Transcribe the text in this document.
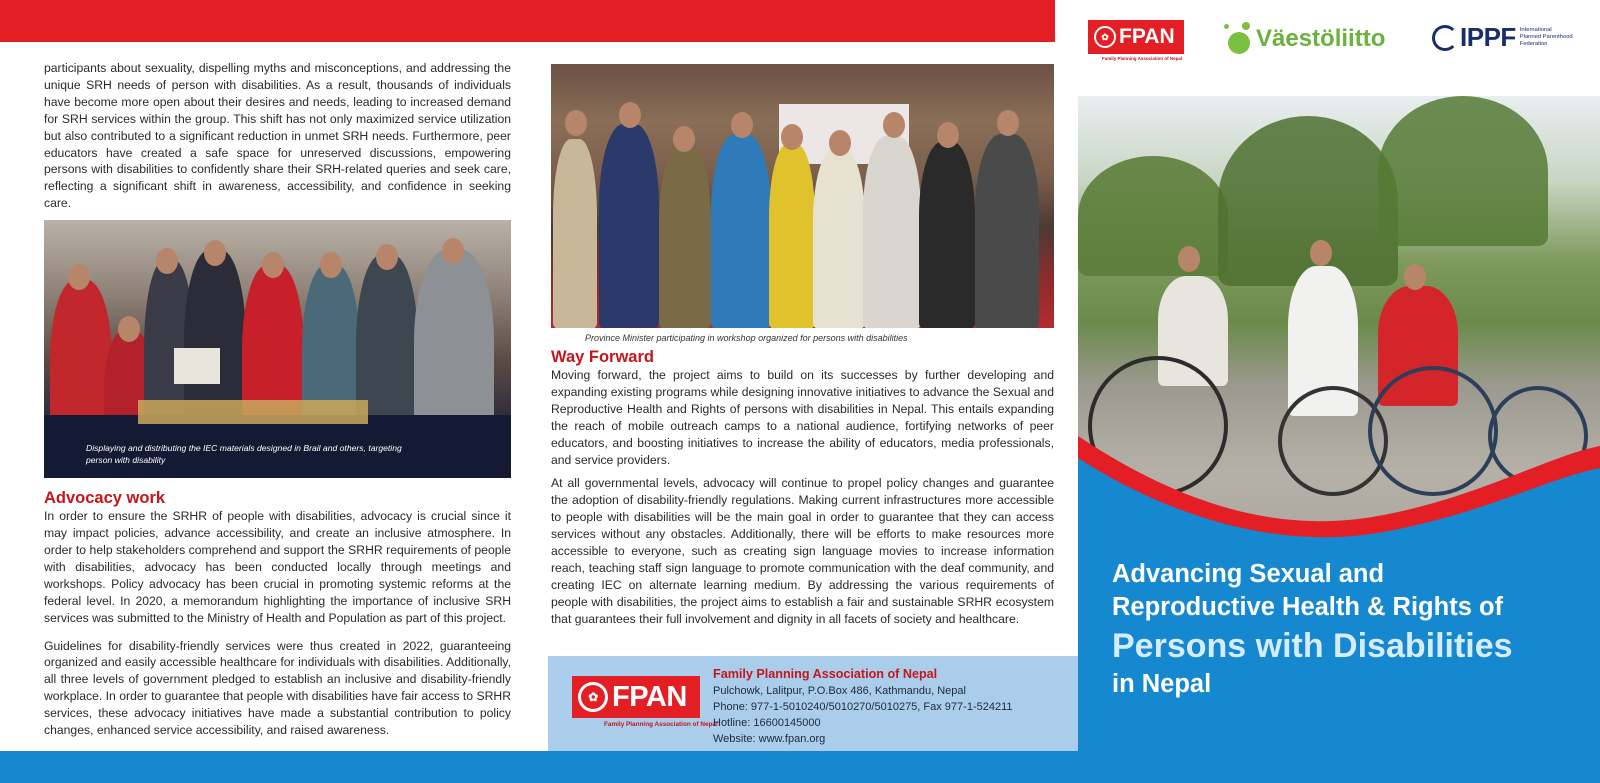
participants about sexuality, dispelling myths and misconceptions, and addressing the unique SRH needs of person with disabilities. As a result, thousands of individuals have become more open about their desires and needs, leading to increased demand for SRH services within the group. This shift has not only maximized service utilization but also contributed to a significant reduction in unmet SRH needs. Furthermore, peer educators have created a safe space for unreserved discussions, empowering persons with disabilities to confidently share their SRH-related queries and seek care, reflecting a significant shift in awareness, accessibility, and confidence in seeking care.

Displaying and distributing the IEC materials designed in Brail and others, targeting person with disability
Advocacy work

In order to ensure the SRHR of people with disabilities, advocacy is crucial since it may impact policies, advance accessibility, and create an inclusive atmosphere. In order to help stakeholders comprehend and support the SRHR requirements of people with disabilities, advocacy has been conducted locally through meetings and workshops. Policy advocacy has been crucial in promoting systemic reforms at the federal level. In 2020, a memorandum highlighting the importance of inclusive SRH services was submitted to the Ministry of Health and Population as part of this project.

Guidelines for disability-friendly services were thus created in 2022, guaranteeing organized and easily accessible healthcare for individuals with disabilities. Additionally, all three levels of government pledged to establish an inclusive and disability-friendly workplace. In order to guarantee that people with disabilities have fair access to SRHR services, these advocacy initiatives have made a substantial contribution to policy changes, enhanced service accessibility, and raised awareness.

Province Minister participating in workshop organized for persons with disabilities
Way Forward

Moving forward, the project aims to build on its successes by further developing and expanding existing programs while designing innovative initiatives to advance the Sexual and Reproductive Health and Rights of persons with disabilities in Nepal. This entails expanding the reach of mobile outreach camps to a national audience, fortifying networks of peer educators, and boosting initiatives to increase the ability of educators, media professionals, and service providers.

At all governmental levels, advocacy will continue to propel policy changes and guarantee the adoption of disability-friendly regulations. Making current infrastructures more accessible to people with disabilities will be the main goal in order to guarantee that they can access services without any obstacles. Additionally, there will be efforts to make resources more accessible to everyone, such as creating sign language movies to increase information reach, teaching staff sign language to promote communication with the deaf community, and creating IEC on alternate learning medium. By addressing the various requirements of people with disabilities, the project aims to establish a fair and sustainable SRHR ecosystem that guarantees their full involvement and dignity in all facets of society and healthcare.

✿ FPAN
Family Planning Association of Nepal
Family Planning Association of Nepal
Pulchowk, Lalitpur, P.O.Box 486, Kathmandu, Nepal
Phone: 977-1-5010240/5010270/5010275, Fax 977-1-524211
Hotline: 16600145000
Website: www.fpan.org
✿ FPAN
Family Planning Association of Nepal
Väestöliitto	IPPF International
Planned Parenthood
Federation
Advancing Sexual and
Reproductive Health & Rights of
Persons with Disabilities
in Nepal
